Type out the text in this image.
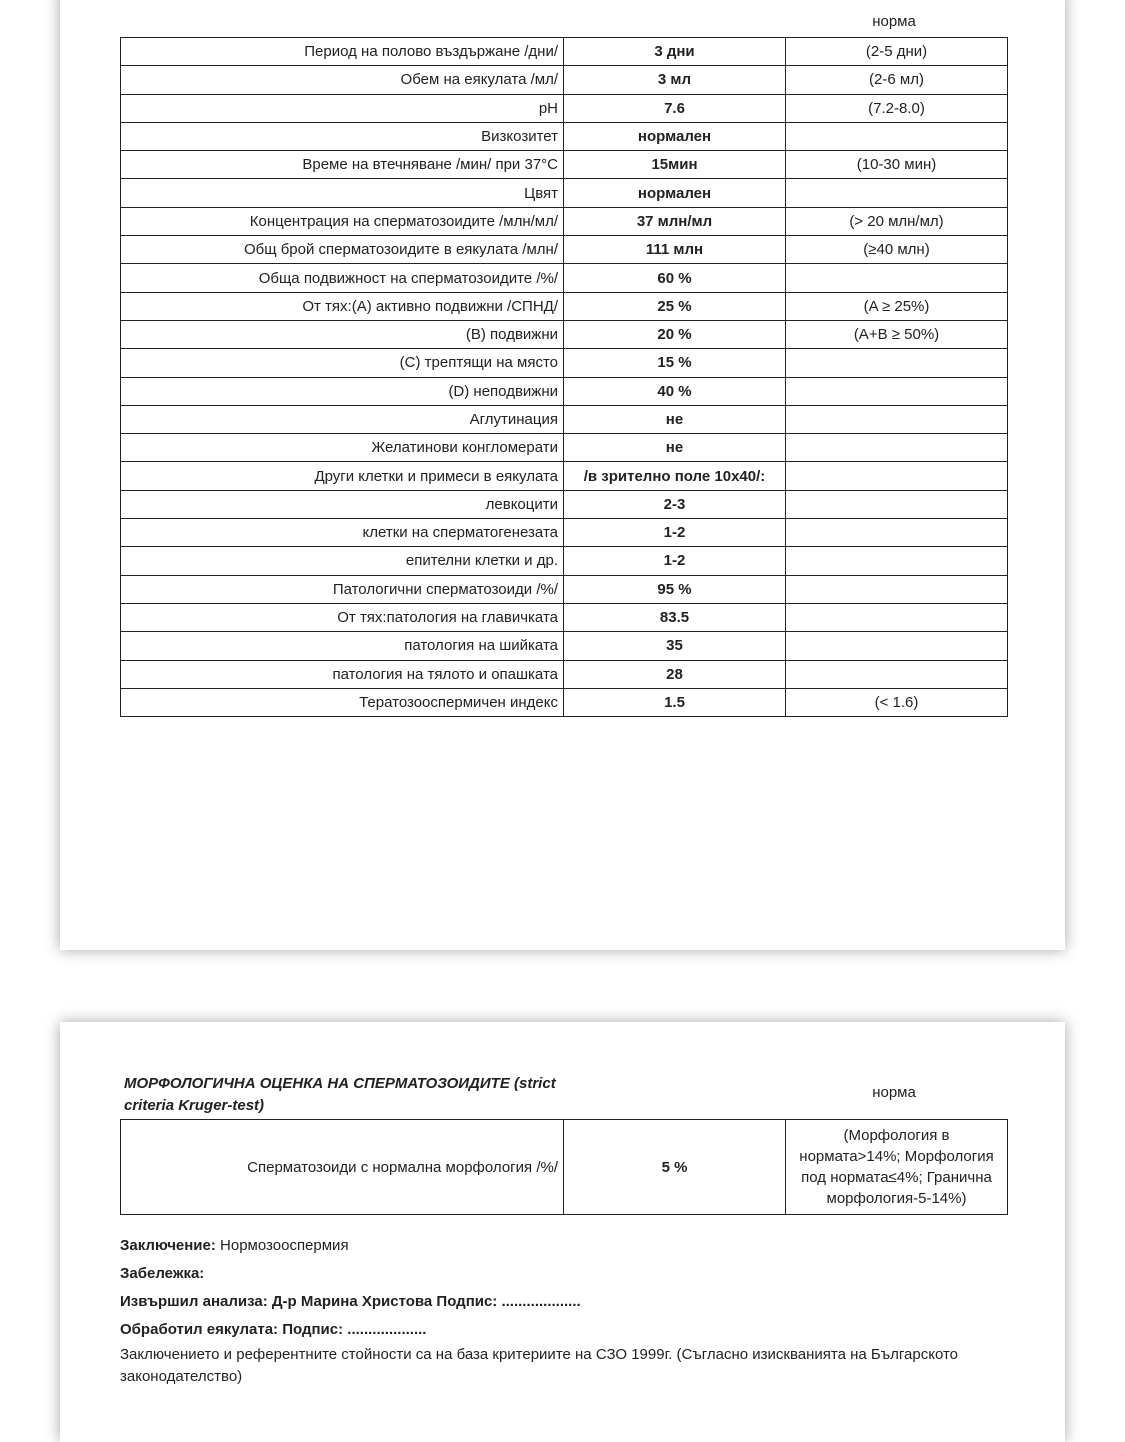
норма
Период на полово въздържане /дни/	3 дни	(2-5 дни)
Обем на еякулата /мл/	3 мл	(2-6 мл)
pH	7.6	(7.2-8.0)
Визкозитет	нормален	
Време на втечняване /мин/ при 37°С	15мин	(10-30 мин)
Цвят	нормален	
Концентрация на сперматозоидите /млн/мл/	37 млн/мл	(> 20 млн/мл)
Общ брой сперматозоидите в еякулата /млн/	111 млн	(≥40 млн)
Обща подвижност на сперматозоидите /%/	60 %	
От тях:(А) активно подвижни /СПНД/	25 %	(A ≥ 25%)
(В) подвижни	20 %	(A+B ≥ 50%)
(С) трептящи на място	15 %	
(D) неподвижни	40 %	
Аглутинация	не	
Желатинови конгломерати	не	
Други клетки и примеси в еякулата	/в зрително поле 10х40/:	
левкоцити	2-3	
клетки на сперматогенезата	1-2	
епителни клетки и др.	1-2	
Патологични сперматозоиди /%/	95 %	
От тях:патология на главичката	83.5	
патология на шийката	35	
патология на тялото и опашката	28	
Теpатозооспермичен индекс	1.5	(< 1.6)
МОРФОЛОГИЧНА ОЦЕНКА НА СПЕРМАТОЗОИДИТЕ (strict criteria Kruger-test)
норма
Сперматозоиди с нормална морфология /%/	5 %	(Морфология в нормата>14%; Морфология под нормата≤4%; Гранична морфология-5-14%)
Заключение: Нормозооспермия
Забележка:
Извършил анализа: Д-р Марина Христова Подпис: ...................
Обработил еякулата: Подпис: ...................
Заключението и референтните стойности са на база критериите на СЗО 1999г. (Съгласно изискванията на Българското законодателство)
